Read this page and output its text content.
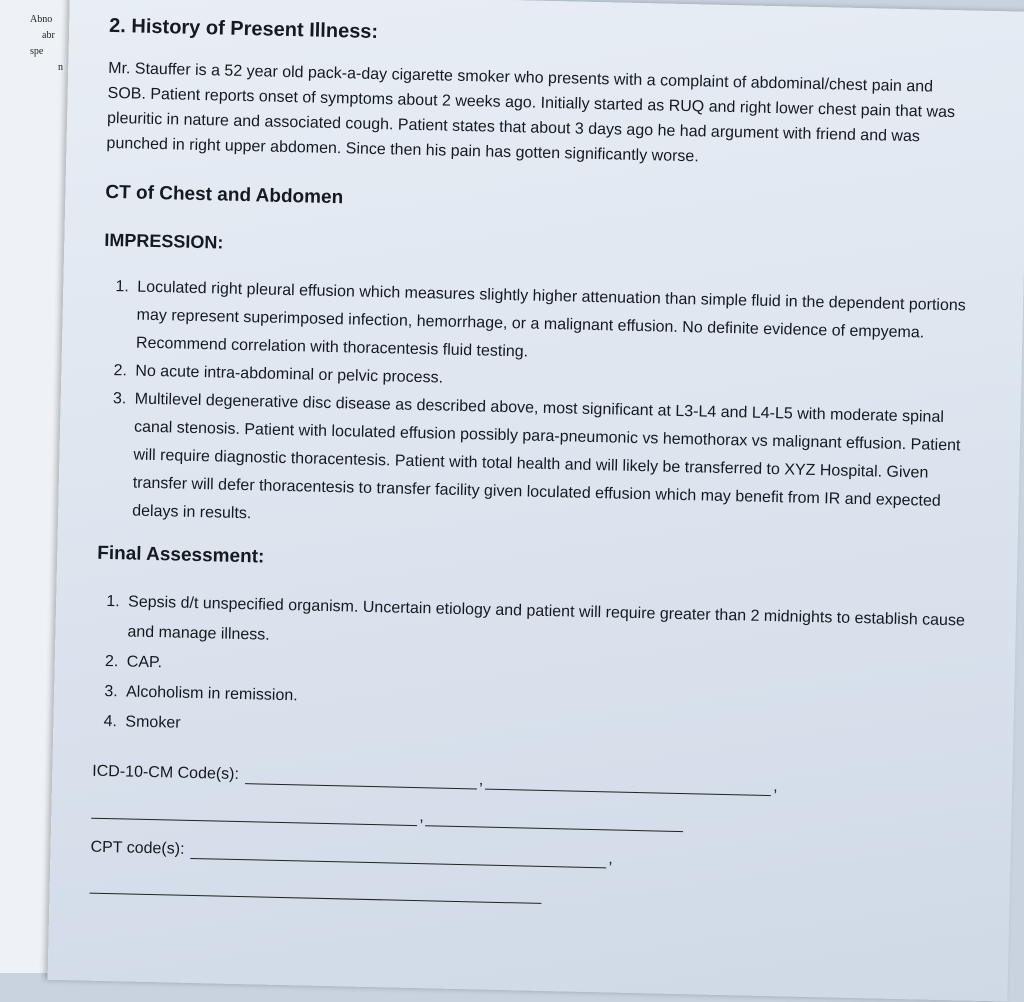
Abno
abr
spe
n
2. History of Present Illness:

Mr. Stauffer is a 52 year old pack-a-day cigarette smoker who presents with a complaint of abdominal/chest pain and SOB. Patient reports onset of symptoms about 2 weeks ago. Initially started as RUQ and right lower chest pain that was pleuritic in nature and associated cough. Patient states that about 3 days ago he had argument with friend and was punched in right upper abdomen. Since then his pain has gotten significantly worse.

CT of Chest and Abdomen
IMPRESSION:
1. Loculated right pleural effusion which measures slightly higher attenuation than simple fluid in the dependent portions may represent superimposed infection, hemorrhage, or a malignant effusion. No definite evidence of empyema. Recommend correlation with thoracentesis fluid testing.
2. No acute intra-abdominal or pelvic process.
3. Multilevel degenerative disc disease as described above, most significant at L3-L4 and L4-L5 with moderate spinal canal stenosis. Patient with loculated effusion possibly para-pneumonic vs hemothorax vs malignant effusion. Patient will require diagnostic thoracentesis. Patient with total health and will likely be transferred to XYZ Hospital. Given transfer will defer thoracentesis to transfer facility given loculated effusion which may benefit from IR and expected delays in results.
Final Assessment:
1. Sepsis d/t unspecified organism. Uncertain etiology and patient will require greater than 2 midnights to establish cause and manage illness.
2. CAP.
3. Alcoholism in remission.
4. Smoker
ICD-10-CM Code(s):	,	,
,
CPT code(s):
,
